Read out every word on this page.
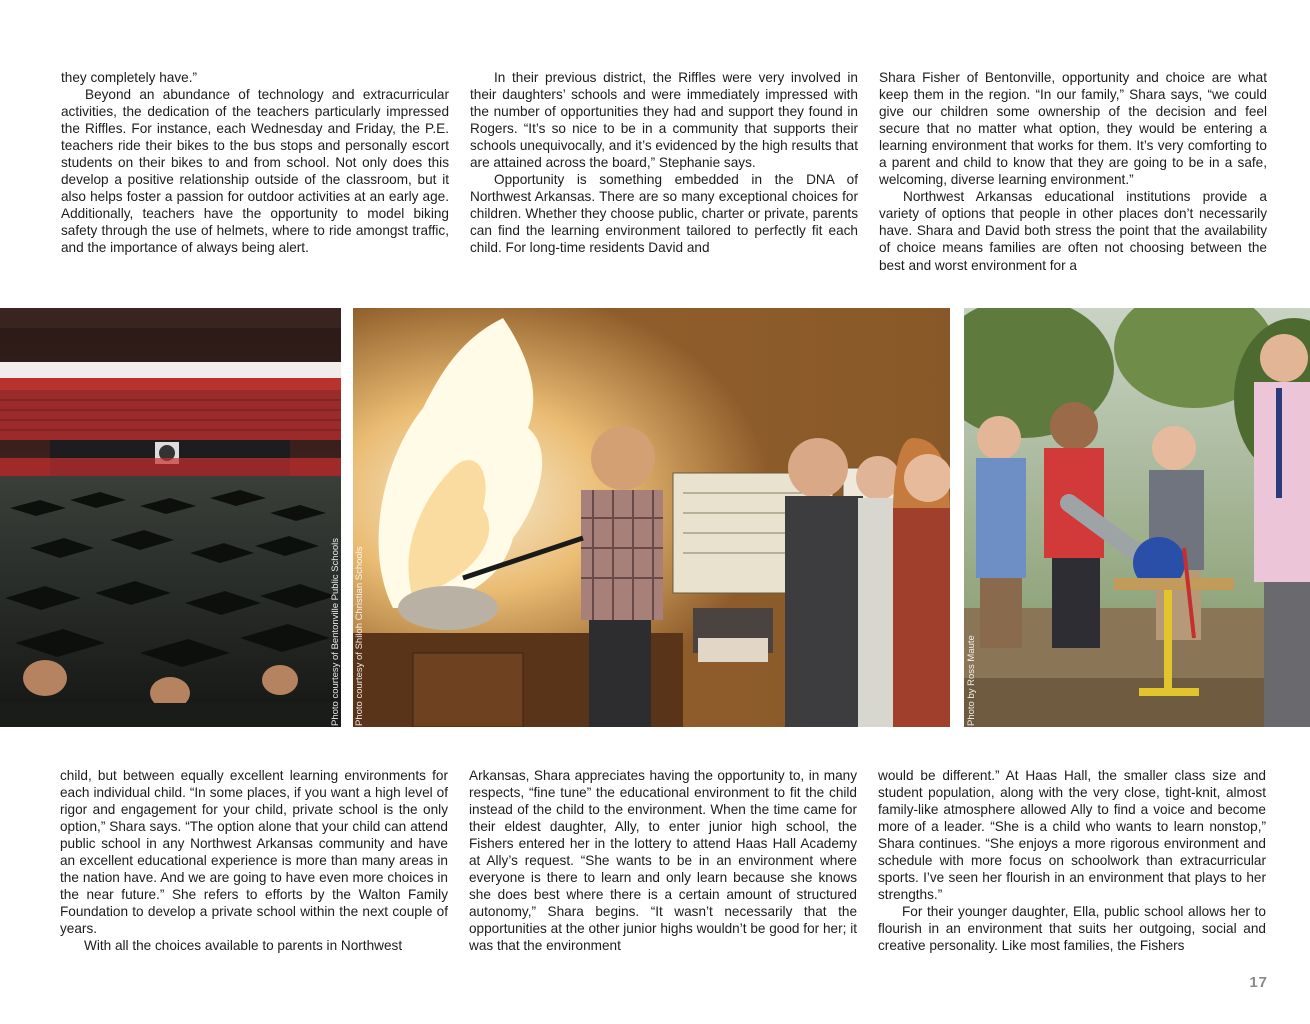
they completely have.”

Beyond an abundance of technology and extracurricular activities, the dedication of the teachers particularly impressed the Riffles. For instance, each Wednesday and Friday, the P.E. teachers ride their bikes to the bus stops and personally escort students on their bikes to and from school. Not only does this develop a positive relationship outside of the classroom, but it also helps foster a passion for outdoor activities at an early age. Additionally, teachers have the opportunity to model biking safety through the use of helmets, where to ride amongst traffic, and the importance of always being alert.

In their previous district, the Riffles were very involved in their daughters’ schools and were immediately impressed with the number of opportunities they had and support they found in Rogers. “It’s so nice to be in a community that supports their schools unequivocally, and it’s evidenced by the high results that are attained across the board,” Stephanie says.

Opportunity is something embedded in the DNA of Northwest Arkansas. There are so many exceptional choices for children. Whether they choose public, charter or private, parents can find the learning environment tailored to perfectly fit each child. For long-time residents David and

Shara Fisher of Bentonville, opportunity and choice are what keep them in the region. “In our family,” Shara says, “we could give our children some ownership of the decision and feel secure that no matter what option, they would be entering a learning environment that works for them. It’s very comforting to a parent and child to know that they are going to be in a safe, welcoming, diverse learning environment.”

Northwest Arkansas educational institutions provide a variety of options that people in other places don’t necessarily have. Shara and David both stress the point that the availability of choice means families are often not choosing between the best and worst environment for a

Photo courtesy of Bentonville Public Schools Photo courtesy of Shiloh Christian Schools	Photo by Ross Maute

child, but between equally excellent learning environments for each individual child. “In some places, if you want a high level of rigor and engagement for your child, private school is the only option,” Shara says. “The option alone that your child can attend public school in any Northwest Arkansas community and have an excellent educational experience is more than many areas in the nation have. And we are going to have even more choices in the near future.” She refers to efforts by the Walton Family Foundation to develop a private school within the next couple of years.

With all the choices available to parents in Northwest

Arkansas, Shara appreciates having the opportunity to, in many respects, “fine tune” the educational environment to fit the child instead of the child to the environment. When the time came for their eldest daughter, Ally, to enter junior high school, the Fishers entered her in the lottery to attend Haas Hall Academy at Ally’s request. “She wants to be in an environment where everyone is there to learn and only learn because she knows she does best where there is a certain amount of structured autonomy,” Shara begins. “It wasn’t necessarily that the opportunities at the other junior highs wouldn’t be good for her; it was that the environment

would be different.” At Haas Hall, the smaller class size and student population, along with the very close, tight-knit, almost family-like atmosphere allowed Ally to find a voice and become more of a leader. “She is a child who wants to learn nonstop,” Shara continues. “She enjoys a more rigorous environment and schedule with more focus on schoolwork than extracurricular sports. I’ve seen her flourish in an environment that plays to her strengths.”

For their younger daughter, Ella, public school allows her to flourish in an environment that suits her outgoing, social and creative personality. Like most families, the Fishers

17
